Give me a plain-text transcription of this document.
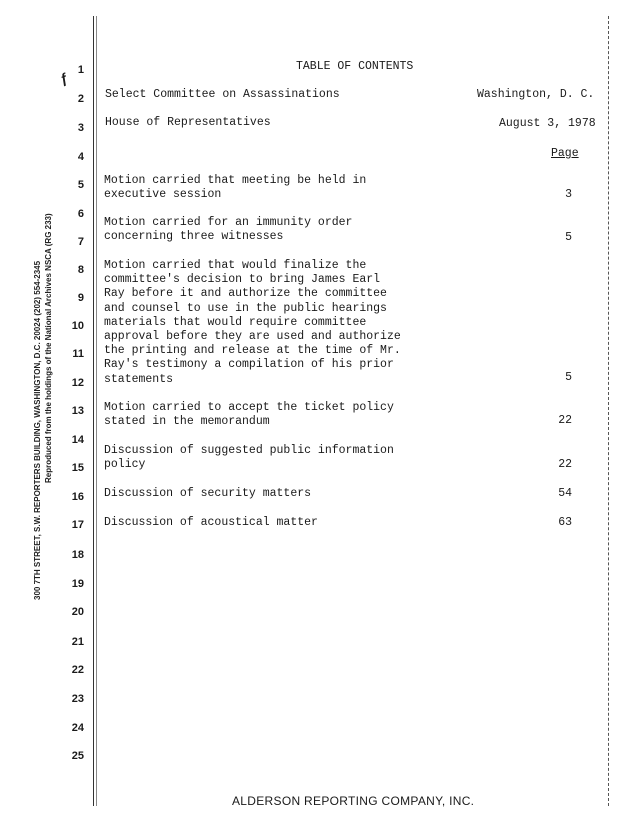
ƒ
Reproduced from the holdings of the National Archives NSCA (RG 233)
300 7TH STREET, S.W. REPORTERS BUILDING, WASHINGTON, D.C. 20024 (202) 554-2345
1
2
3
4
5
6
7
8
9
10
11
12
13
14
15
16
17
18
19
20
21
22
23
24
25
TABLE OF CONTENTS
Select Committee on Assassinations	Washington, D. C.
House of Representatives	August 3, 1978
Page
Motion carried that meeting be held in
executive session	3
Motion carried for an immunity order
concerning three witnesses	5
Motion carried that would finalize the
committee's decision to bring James Earl
Ray before it and authorize the committee
and counsel to use in the public hearings
materials that would require committee
approval before they are used and authorize
the printing and release at the time of Mr.
Ray's testimony a compilation of his prior
statements	5
Motion carried to accept the ticket policy
stated in the memorandum	22
Discussion of suggested public information
policy	22
Discussion of security matters	54
Discussion of acoustical matter	63
ALDERSON REPORTING COMPANY, INC.
